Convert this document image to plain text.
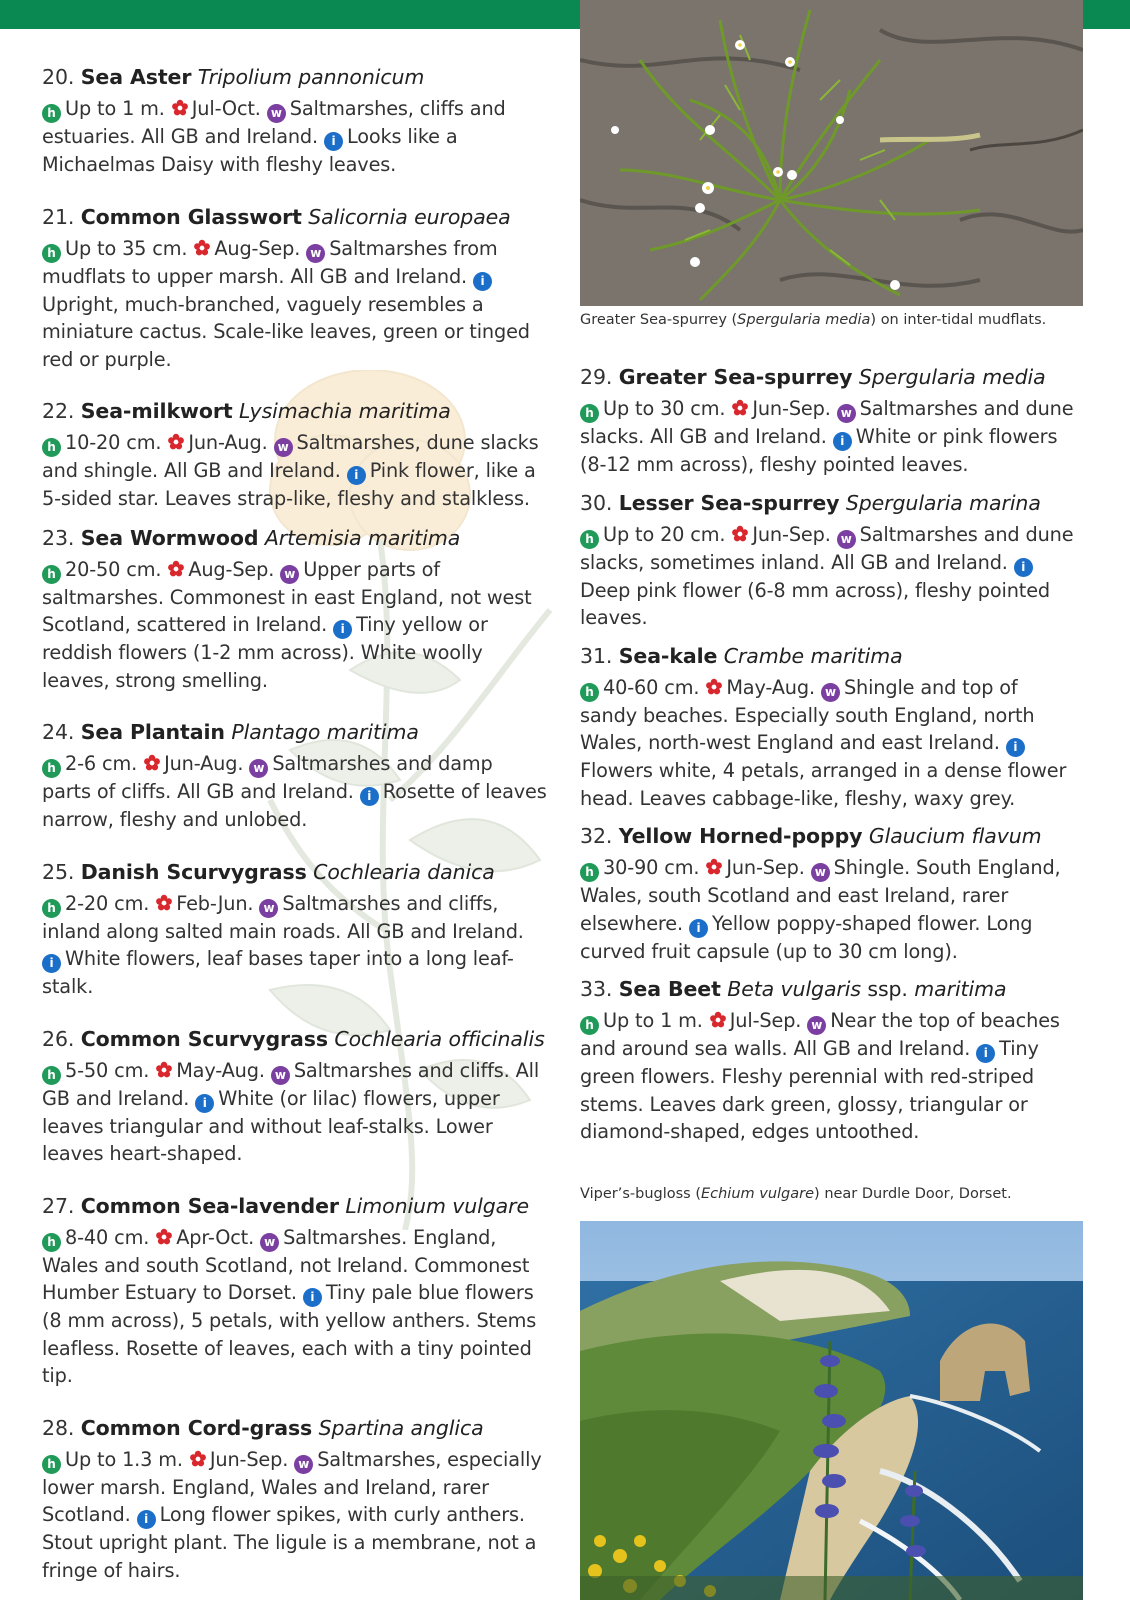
20. Sea Aster Tripolium pannonicum

h Up to 1 m. Jul-Oct. w Saltmarshes, cliffs and estuaries. All GB and Ireland. i Looks like a Michaelmas Daisy with fleshy leaves.

21. Common Glasswort Salicornia europaea

h Up to 35 cm. Aug-Sep. w Saltmarshes from mudflats to upper marsh. All GB and Ireland. iUpright, much-branched, vaguely resembles a miniature cactus. Scale-like leaves, green or tinged red or purple.

22. Sea-milkwort Lysimachia maritima

h 10-20 cm. Jun-Aug. w Saltmarshes, dune slacks and shingle. All GB and Ireland. i Pink flower, like a 5-sided star. Leaves strap-like, fleshy and stalkless.

23. Sea Wormwood Artemisia maritima

h 20-50 cm. Aug-Sep. w Upper parts of saltmarshes. Commonest in east England, not west Scotland, scattered in Ireland. i Tiny yellow or reddish flowers (1-2 mm across). White woolly leaves, strong smelling.

24. Sea Plantain Plantago maritima

h 2-6 cm. Jun-Aug. w Saltmarshes and damp parts of cliffs. All GB and Ireland. i Rosette of leaves narrow, fleshy and unlobed.

25. Danish Scurvygrass Cochlearia danica

h 2-20 cm. Feb-Jun. w Saltmarshes and cliffs, inland along salted main roads. All GB and Ireland. i White flowers, leaf bases taper into a long leaf-stalk.

26. Common Scurvygrass Cochlearia officinalis

h 5-50 cm. May-Aug. w Saltmarshes and cliffs. All GB and Ireland. i White (or lilac) flowers, upper leaves triangular and without leaf-stalks. Lower leaves heart-shaped.

27. Common Sea-lavender Limonium vulgare

h 8-40 cm. Apr-Oct. w Saltmarshes. England, Wales and south Scotland, not Ireland. Commonest Humber Estuary to Dorset. i Tiny pale blue flowers (8 mm across), 5 petals, with yellow anthers. Stems leafless. Rosette of leaves, each with a tiny pointed tip.

28. Common Cord-grass Spartina anglica

h Up to 1.3 m. Jun-Sep. w Saltmarshes, especially lower marsh. England, Wales and Ireland, rarer Scotland. i Long flower spikes, with curly anthers. Stout upright plant. The ligule is a membrane, not a fringe of hairs.

Greater Sea-spurrey (Spergularia media) on inter-tidal mudflats.
29. Greater Sea-spurrey Spergularia media

h Up to 30 cm. Jun-Sep. w Saltmarshes and dune slacks. All GB and Ireland. i White or pink flowers (8-12 mm across), fleshy pointed leaves.

30. Lesser Sea-spurrey Spergularia marina

h Up to 20 cm. Jun-Sep. w Saltmarshes and dune slacks, sometimes inland. All GB and Ireland. iDeep pink flower (6-8 mm across), fleshy pointed leaves.

31. Sea-kale Crambe maritima

h 40-60 cm. May-Aug. w Shingle and top of sandy beaches. Especially south England, north Wales, north-west England and east Ireland. iFlowers white, 4 petals, arranged in a dense flower head. Leaves cabbage-like, fleshy, waxy grey.

32. Yellow Horned-poppy Glaucium flavum

h 30-90 cm. Jun-Sep. w Shingle. South England, Wales, south Scotland and east Ireland, rarer elsewhere. i Yellow poppy-shaped flower. Long curved fruit capsule (up to 30 cm long).

33. Sea Beet Beta vulgaris ssp. maritima

h Up to 1 m. Jul-Sep. w Near the top of beaches and around sea walls. All GB and Ireland. i Tiny green flowers. Fleshy perennial with red-striped stems. Leaves dark green, glossy, triangular or diamond-shaped, edges untoothed.

Viper’s-bugloss (Echium vulgare) near Durdle Door, Dorset.
